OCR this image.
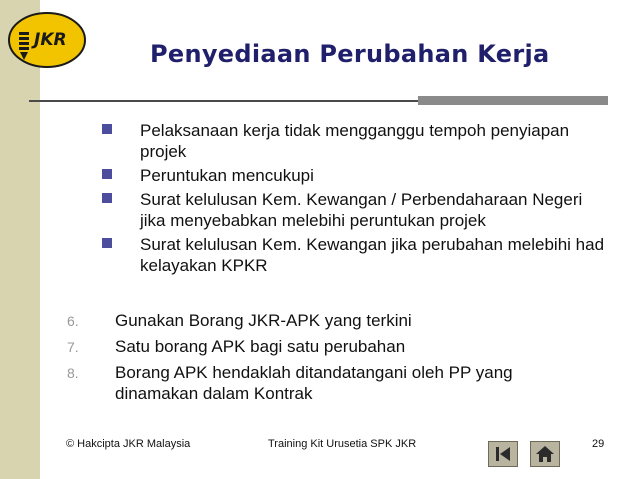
JKR	Penyediaan Perubahan Kerja
Pelaksanaan kerja tidak mengganggu tempoh penyiapan projek
Peruntukan mencukupi
Surat kelulusan Kem. Kewangan / Perbendaharaan Negeri jika menyebabkan melebihi peruntukan projek
Surat kelulusan Kem. Kewangan jika perubahan melebihi had kelayakan KPKR
6. Gunakan Borang JKR-APK yang terkini
7. Satu borang APK bagi satu perubahan
8. Borang APK hendaklah ditandatangani oleh PP yang dinamakan dalam Kontrak
© Hakcipta JKR Malaysia	Training Kit Urusetia SPK JKR	29
